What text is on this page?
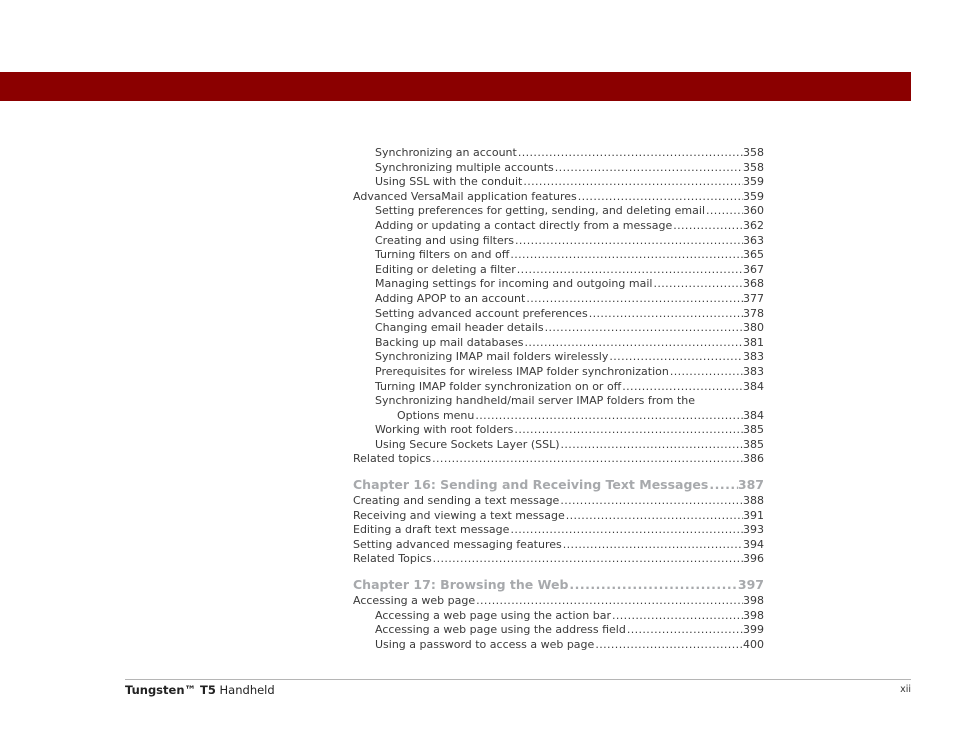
Synchronizing an account .....	358
Synchronizing multiple accounts .....	358
Using SSL with the conduit .....	359
Advanced VersaMail application features .....	359
Setting preferences for getting, sending, and deleting email .....	360
Adding or updating a contact directly from a message .....	362
Creating and using filters .....	363
Turning filters on and off .....	365
Editing or deleting a filter .....	367
Managing settings for incoming and outgoing mail .....	368
Adding APOP to an account .....	377
Setting advanced account preferences .....	378
Changing email header details .....	380
Backing up mail databases .....	381
Synchronizing IMAP mail folders wirelessly .....	383
Prerequisites for wireless IMAP folder synchronization .....	383
Turning IMAP folder synchronization on or off .....	384
Synchronizing handheld/mail server IMAP folders from the
Options menu .....	384
Working with root folders .....	385
Using Secure Sockets Layer (SSL) .....	385
Related topics .....	386
Chapter 16: Sending and Receiving Text Messages ..... 387
Creating and sending a text message .....	388
Receiving and viewing a text message .....	391
Editing a draft text message .....	393
Setting advanced messaging features .....	394
Related Topics .....	396
Chapter 17: Browsing the Web .....	397
Accessing a web page .....	398
Accessing a web page using the action bar .....	398
Accessing a web page using the address field .....	399
Using a password to access a web page .....	400
Tungsten™ T5 Handheld	xii
